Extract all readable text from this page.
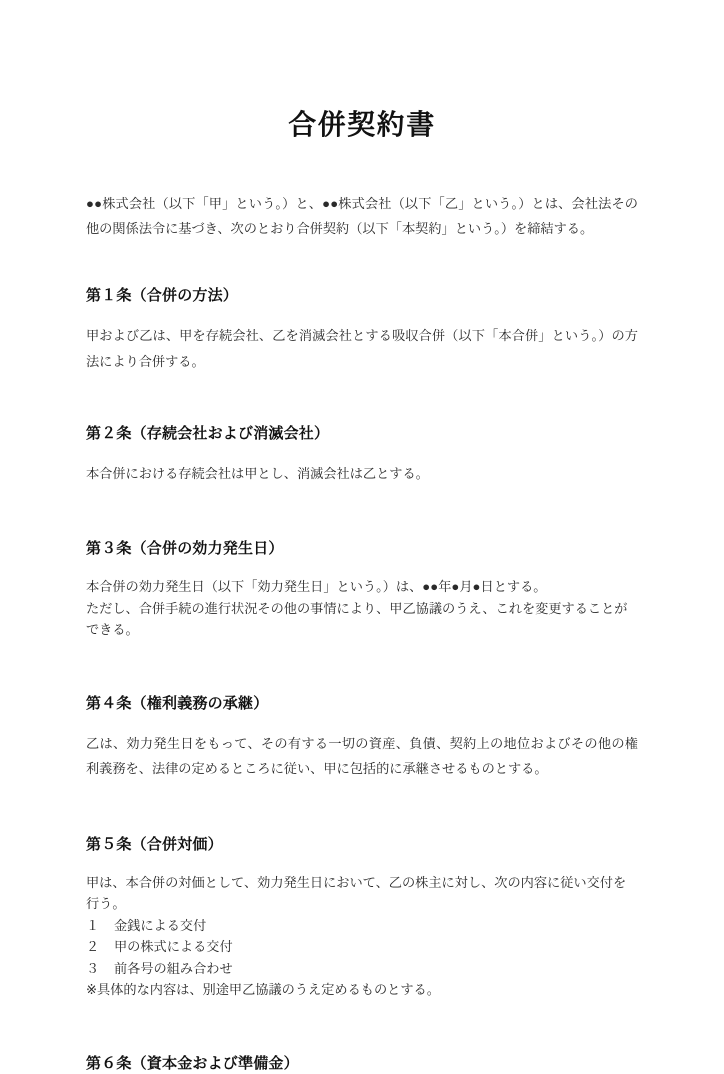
合併契約書

●●株式会社（以下「甲」という。）と、●●株式会社（以下「乙」という。）とは、会社法その他の関係法令に基づき、次のとおり合併契約（以下「本契約」という。）を締結する。

第１条（合併の方法）

甲および乙は、甲を存続会社、乙を消滅会社とする吸収合併（以下「本合併」という。）の方法により合併する。

第２条（存続会社および消滅会社）

本合併における存続会社は甲とし、消滅会社は乙とする。

第３条（合併の効力発生日）

本合併の効力発生日（以下「効力発生日」という。）は、●●年●月●日とする。

ただし、合併手続の進行状況その他の事情により、甲乙協議のうえ、これを変更することができる。

第４条（権利義務の承継）

乙は、効力発生日をもって、その有する一切の資産、負債、契約上の地位およびその他の権利義務を、法律の定めるところに従い、甲に包括的に承継させるものとする。

第５条（合併対価）

甲は、本合併の対価として、効力発生日において、乙の株主に対し、次の内容に従い交付を行う。

１	金銭による交付
２	甲の株式による交付
３	前各号の組み合わせ

※具体的な内容は、別途甲乙協議のうえ定めるものとする。

第６条（資本金および準備金）
